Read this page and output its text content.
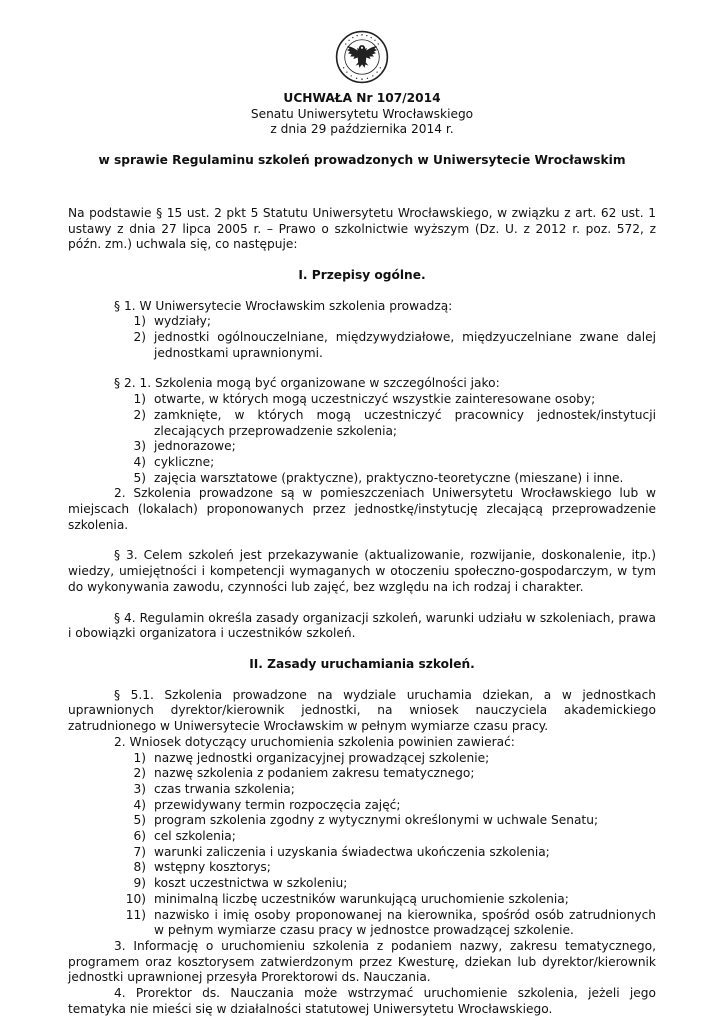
UCHWAŁA Nr 107/2014

Senatu Uniwersytetu Wrocławskiego

z dnia 29 października 2014 r.

w sprawie Regulaminu szkoleń prowadzonych w Uniwersytecie Wrocławskim

Na podstawie § 15 ust. 2 pkt 5 Statutu Uniwersytetu Wrocławskiego, w związku z art. 62 ust. 1 ustawy z dnia 27 lipca 2005 r. – Prawo o szkolnictwie wyższym (Dz. U. z 2012 r. poz. 572, z późn. zm.) uchwala się, co następuje:

I. Przepisy ogólne.

§ 1. W Uniwersytecie Wrocławskim szkolenia prowadzą:

1) wydziały;
2) jednostki ogólnouczelniane, międzywydziałowe, międzyuczelniane zwane dalej jednostkami uprawnionymi.

§ 2. 1. Szkolenia mogą być organizowane w szczególności jako:

1) otwarte, w których mogą uczestniczyć wszystkie zainteresowane osoby;
2) zamknięte, w których mogą uczestniczyć pracownicy jednostek/instytucji zlecających przeprowadzenie szkolenia;
3) jednorazowe;
4) cykliczne;
5) zajęcia warsztatowe (praktyczne), praktyczno-teoretyczne (mieszane) i inne.

2. Szkolenia prowadzone są w pomieszczeniach Uniwersytetu Wrocławskiego lub w miejscach (lokalach) proponowanych przez jednostkę/instytucję zlecającą przeprowadzenie szkolenia.

§ 3. Celem szkoleń jest przekazywanie (aktualizowanie, rozwijanie, doskonalenie, itp.) wiedzy, umiejętności i kompetencji wymaganych w otoczeniu społeczno-gospodarczym, w tym do wykonywania zawodu, czynności lub zajęć, bez względu na ich rodzaj i charakter.

§ 4. Regulamin określa zasady organizacji szkoleń, warunki udziału w szkoleniach, prawa i obowiązki organizatora i uczestników szkoleń.

II. Zasady uruchamiania szkoleń.

§ 5.1. Szkolenia prowadzone na wydziale uruchamia dziekan, a w jednostkach uprawnionych dyrektor/kierownik jednostki, na wniosek nauczyciela akademickiego zatrudnionego w Uniwersytecie Wrocławskim w pełnym wymiarze czasu pracy.

2. Wniosek dotyczący uruchomienia szkolenia powinien zawierać:

1) nazwę jednostki organizacyjnej prowadzącej szkolenie;
2) nazwę szkolenia z podaniem zakresu tematycznego;
3) czas trwania szkolenia;
4) przewidywany termin rozpoczęcia zajęć;
5) program szkolenia zgodny z wytycznymi określonymi w uchwale Senatu;
6) cel szkolenia;
7) warunki zaliczenia i uzyskania świadectwa ukończenia szkolenia;
8) wstępny kosztorys;
9) koszt uczestnictwa w szkoleniu;
10) minimalną liczbę uczestników warunkującą uruchomienie szkolenia;
11) nazwisko i imię osoby proponowanej na kierownika, spośród osób zatrudnionych w pełnym wymiarze czasu pracy w jednostce prowadzącej szkolenie.

3. Informację o uruchomieniu szkolenia z podaniem nazwy, zakresu tematycznego, programem oraz kosztorysem zatwierdzonym przez Kwesturę, dziekan lub dyrektor/kierownik jednostki uprawnionej przesyła Prorektorowi ds. Nauczania.

4. Prorektor ds. Nauczania może wstrzymać uruchomienie szkolenia, jeżeli jego tematyka nie mieści się w działalności statutowej Uniwersytetu Wrocławskiego.
